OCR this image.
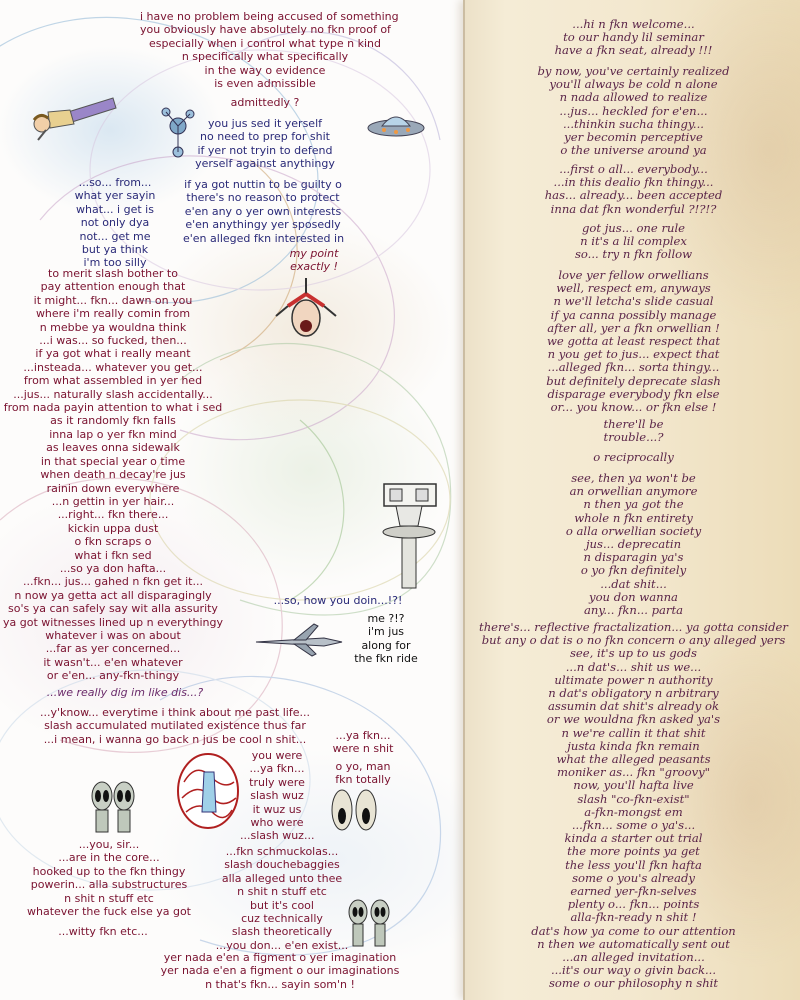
i have no problem being accused of something
you obviously have absolutely no fkn proof of
especially when i control what type n kind
n specifically what specifically
in the way o evidence
is even admissible
admittedly ?
you jus sed it yerself
no need to prep for shit
if yer not tryin to defend
yerself against anythingy
...so... from...
what yer sayin
what... i get is
not only dya
not... get me
but ya think
i'm too silly
if ya got nuttin to be guilty o
there's no reason to protect
e'en any o yer own interests
e'en anythingy yer sposedly
e'en alleged fkn interested in
my point
exactly !
to merit slash bother to
pay attention enough that
it might... fkn... dawn on you
where i'm really comin from
n mebbe ya wouldna think
...i was... so fucked, then...
if ya got what i really meant
...insteada... whatever you get...
from what assembled in yer hed
...jus... naturally slash accidentally...
from nada payin attention to what i sed
as it randomly fkn falls
inna lap o yer fkn mind
as leaves onna sidewalk
in that special year o time
when death n decay're jus
rainin down everywhere
...n gettin in yer hair...
...right... fkn there...
kickin uppa dust
o fkn scraps o
what i fkn sed
...so ya don hafta...
...fkn... jus... gahed n fkn get it...
n now ya getta act all disparagingly
so's ya can safely say wit alla assurity
ya got witnesses lined up n everythingy
whatever i was on about
...far as yer concerned...
it wasn't... e'en whatever
or e'en... any-fkn-thingy
...so, how you doin...!?!
me ?!?
i'm jus
along for
the fkn ride
...we really dig im like dis...?
...y'know... everytime i think about me past life...
slash accumulated mutilated existence thus far
...i mean, i wanna go back n jus be cool n shit...	...ya fkn...
were n shit
you were
...ya fkn...
truly were
slash wuz
it wuz us
who were
...slash wuz...
o yo, man
fkn totally
...fkn schmuckolas...
slash douchebaggies
alla alleged unto thee
n shit n stuff etc
but it's cool
cuz technically
slash theoretically
...you don... e'en exist...
...you, sir...
...are in the core...
hooked up to the fkn thingy
powerin... alla substructures
n shit n stuff etc
whatever the fuck else ya got
...witty fkn etc...
yer nada e'en a figment o yer imagination
yer nada e'en a figment o our imaginations
n that's fkn... sayin som'n !
...hi n fkn welcome...
to our handy lil seminar
have a fkn seat, already !!!
by now, you've certainly realized
you'll always be cold n alone
n nada allowed to realize
...jus... heckled for e'en...
...thinkin sucha thingy...
yer becomin perceptive
o the universe around ya
...first o all... everybody...
...in this dealio fkn thingy...
has... already... been accepted
inna dat fkn wonderful ?!?!?
got jus... one rule
n it's a lil complex
so... try n fkn follow
love yer fellow orwellians
well, respect em, anyways
n we'll letcha's slide casual
if ya canna possibly manage
after all, yer a fkn orwellian !
we gotta at least respect that
n you get to jus... expect that
...alleged fkn... sorta thingy...
but definitely deprecate slash
disparage everybody fkn else
or... you know... or fkn else !
there'll be
trouble...?
o reciprocally
see, then ya won't be
an orwellian anymore
n then ya got the
whole n fkn entirety
o alla orwellian society
jus... deprecatin
n disparagin ya's
o yo fkn definitely
...dat shit...
you don wanna
any... fkn... parta
there's... reflective fractalization... ya gotta consider
but any o dat is o no fkn concern o any alleged yers
see, it's up to us gods
...n dat's... shit us we...
ultimate power n authority
n dat's obligatory n arbitrary
assumin dat shit's already ok
or we wouldna fkn asked ya's
n we're callin it that shit
justa kinda fkn remain
what the alleged peasants
moniker as... fkn "groovy"
now, you'll hafta live
slash "co-fkn-exist"
a-fkn-mongst em
...fkn... some o ya's...
kinda a starter out trial
the more points ya get
the less you'll fkn hafta
some o you's already
earned yer-fkn-selves
plenty o... fkn... points
alla-fkn-ready n shit !
dat's how ya come to our attention
n then we automatically sent out
...an alleged invitation...
...it's our way o givin back...
some o our philosophy n shit
